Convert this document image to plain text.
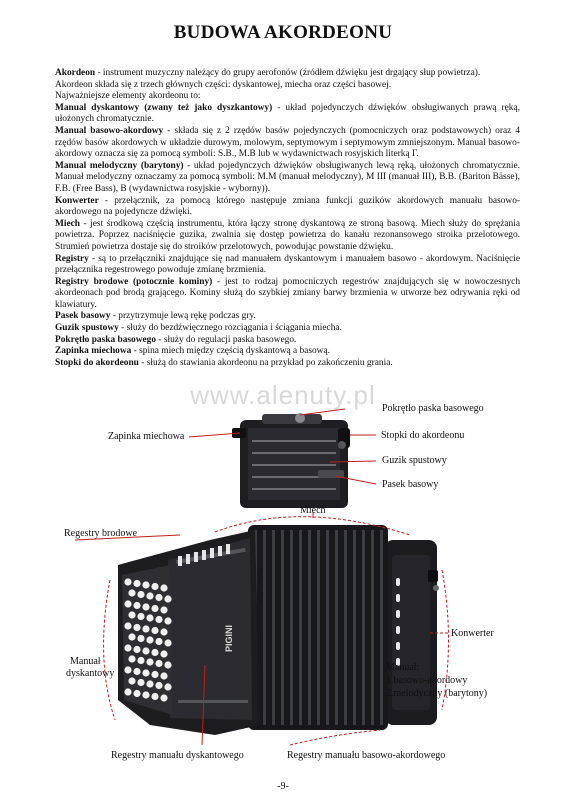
BUDOWA AKORDEONU

Akordeon - instrument muzyczny należący do grupy aerofonów (źródłem dźwięku jest drgający słup powietrza).

Akordeon składa się z trzech głównych części: dyskantowej, miecha oraz części basowej.

Najważniejsze elementy akordeonu to:

Manual dyskantowy (zwany też jako dyszkantowy) - układ pojedynczych dźwięków obsługiwanych prawą ręką, ułożonych chromatycznie.

Manual basowo-akordowy - składa się z 2 rzędów basów pojedynczych (pomocniczych oraz podstawowych) oraz 4 rzędów basów akordowych w układzie durowym, molowym, septymowym i septymowym zmniejszonym. Manual basowo-akordowy oznacza się za pomocą symboli: S.B., M.B lub w wydawnictwach rosyjskich literką Г.

Manual melodyczny (barytony) - układ pojedynczych dźwięków obsługiwanych lewą ręką, ułożonych chromatycznie. Manuał melodyczny oznaczamy za pomocą symboli: M.M (manuał melodyczny), M III (manuał III), B.B. (Bariton Bässe), F.B. (Free Bass), B (wydawnictwa rosyjskie - wyborny)).

Konwerter - przełącznik, za pomocą którego następuje zmiana funkcji guzików akordowych manuału basowo-akordowego na pojedyncze dźwięki.

Miech - jest środkową częścią instrumentu, która łączy stronę dyskantową ze stroną basową. Miech służy do sprężania powietrza. Poprzez naciśnięcie guzika, zwalnia się dostęp powietrza do kanału rezonansowego stroika przelotowego. Strumień powietrza dostaje się do stroików przelotowych, powodując powstanie dźwięku.

Registry - są to przełączniki znajdujące się nad manuałem dyskantowym i manuałem basowo - akordowym. Naciśnięcie przełącznika regestrowego powoduje zmianę brzmienia.

Registry brodowe (potocznie kominy) - jest to rodzaj pomocniczych regestrów znajdujących się w nowoczesnych akordeonach pod brodą grającego. Kominy służą do szybkiej zmiany barwy brzmienia w utworze bez odrywania ręki od klawiatury.

Pasek basowy - przytrzymuje lewą rękę podczas gry.

Guzik spustowy - służy do bezdźwięcznego rozciągania i ściągania miecha.

Pokrętło paska basowego - służy do regulacji paska basowego.

Zapinka miechowa - spina miech między częścią dyskantową a basową.

Stopki do akordeonu - służą do stawiania akordeonu na przykład po zakończeniu grania.

www.alenuty.pl
PIGINI
Pokrętło paska basowego
Zapinka miechowa	Stopki do akordeonu
Guzik spustowy
Pasek basowy
Miech
Regestry brodowe
Manuał
dyskantowy
Konwerter
Manuał:
1.basowo-akordowy
2.melodyczny (barytony)
Regestry manuału dyskantowego	Regestry manuału basowo-akordowego
-9-
